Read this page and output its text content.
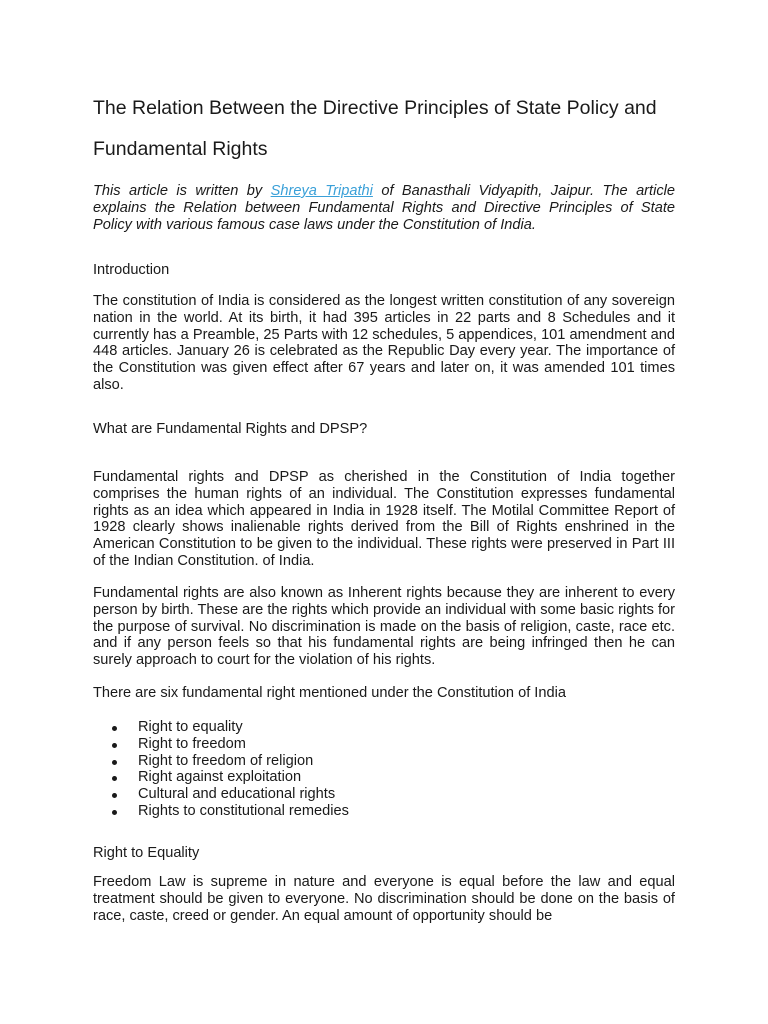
The Relation Between the Directive Principles of State Policy and Fundamental Rights

This article is written by Shreya Tripathi of Banasthali Vidyapith, Jaipur. The article explains the Relation between Fundamental Rights and Directive Principles of State Policy with various famous case laws under the Constitution of India.

Introduction

The constitution of India is considered as the longest written constitution of any sovereign nation in the world. At its birth, it had 395 articles in 22 parts and 8 Schedules and it currently has a Preamble, 25 Parts with 12 schedules, 5 appendices, 101 amendment and 448 articles. January 26 is celebrated as the Republic Day every year. The importance of the Constitution was given effect after 67 years and later on, it was amended 101 times also.

What are Fundamental Rights and DPSP?

Fundamental rights and DPSP as cherished in the Constitution of India together comprises the human rights of an individual. The Constitution expresses fundamental rights as an idea which appeared in India in 1928 itself. The Motilal Committee Report of 1928 clearly shows inalienable rights derived from the Bill of Rights enshrined in the American Constitution to be given to the individual. These rights were preserved in Part III of the Indian Constitution. of India.

Fundamental rights are also known as Inherent rights because they are inherent to every person by birth. These are the rights which provide an individual with some basic rights for the purpose of survival. No discrimination is made on the basis of religion, caste, race etc. and if any person feels so that his fundamental rights are being infringed then he can surely approach to court for the violation of his rights.

There are six fundamental right mentioned under the Constitution of India

Right to equality
Right to freedom
Right to freedom of religion
Right against exploitation
Cultural and educational rights
Rights to constitutional remedies
Right to Equality

Freedom Law is supreme in nature and everyone is equal before the law and equal treatment should be given to everyone. No discrimination should be done on the basis of race, caste, creed or gender. An equal amount of opportunity should be
